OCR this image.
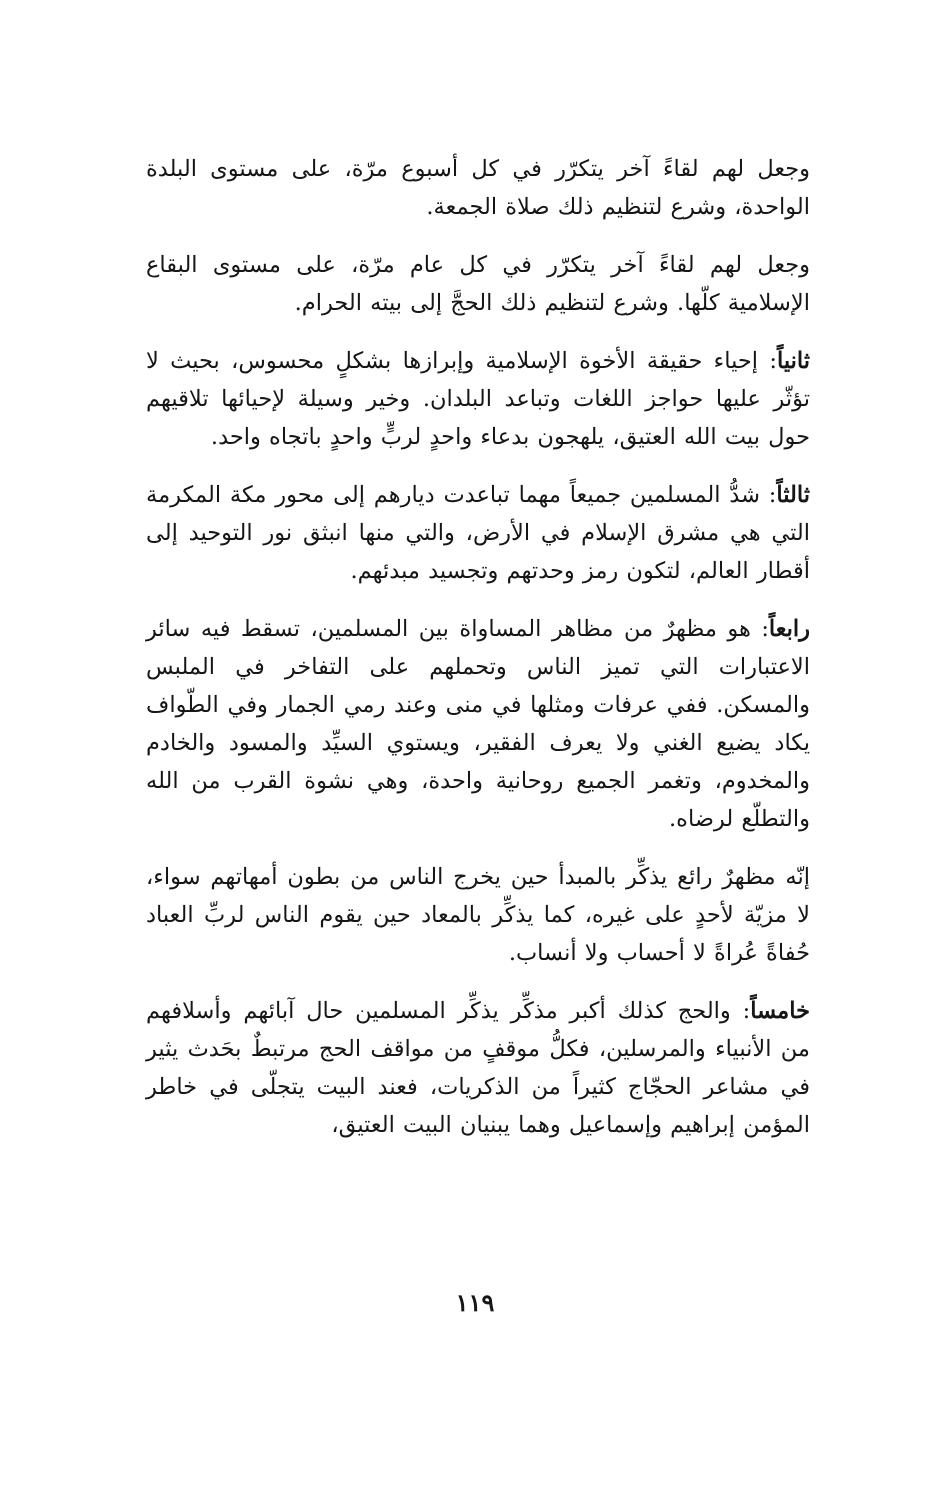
وجعل لهم لقاءً آخر يتكرّر في كل أسبوع مرّة، على مستوى البلدة الواحدة، وشرع لتنظيم ذلك صلاة الجمعة.

وجعل لهم لقاءً آخر يتكرّر في كل عام مرّة، على مستوى البقاع الإسلامية كلّها. وشرع لتنظيم ذلك الحجَّ إلى بيته الحرام.

ثانياً: إحياء حقيقة الأخوة الإسلامية وإبرازها بشكلٍ محسوس، بحيث لا تؤثّر عليها حواجز اللغات وتباعد البلدان. وخير وسيلة لإحيائها تلاقيهم حول بيت الله العتيق، يلهجون بدعاء واحدٍ لربٍّ واحدٍ باتجاه واحد.

ثالثاً: شدُّ المسلمين جميعاً مهما تباعدت ديارهم إلى محور مكة المكرمة التي هي مشرق الإسلام في الأرض، والتي منها انبثق نور التوحيد إلى أقطار العالم، لتكون رمز وحدتهم وتجسيد مبدئهم.

رابعاً: هو مظهرٌ من مظاهر المساواة بين المسلمين، تسقط فيه سائر الاعتبارات التي تميز الناس وتحملهم على التفاخر في الملبس والمسكن. ففي عرفات ومثلها في منى وعند رمي الجمار وفي الطّواف يكاد يضيع الغني ولا يعرف الفقير، ويستوي السيِّد والمسود والخادم والمخدوم، وتغمر الجميع روحانية واحدة، وهي نشوة القرب من الله والتطلّع لرضاه.

إنّه مظهرٌ رائع يذكِّر بالمبدأ حين يخرج الناس من بطون أمهاتهم سواء، لا مزيّة لأحدٍ على غيره، كما يذكِّر بالمعاد حين يقوم الناس لربِّ العباد حُفاةً عُراةً لا أحساب ولا أنساب.

خامساً: والحج كذلك أكبر مذكِّر يذكِّر المسلمين حال آبائهم وأسلافهم من الأنبياء والمرسلين، فكلُّ موقفٍ من مواقف الحج مرتبطٌ بحَدث يثير في مشاعر الحجّاج كثيراً من الذكريات، فعند البيت يتجلّى في خاطر المؤمن إبراهيم وإسماعيل وهما يبنيان البيت العتيق،

١١٩
